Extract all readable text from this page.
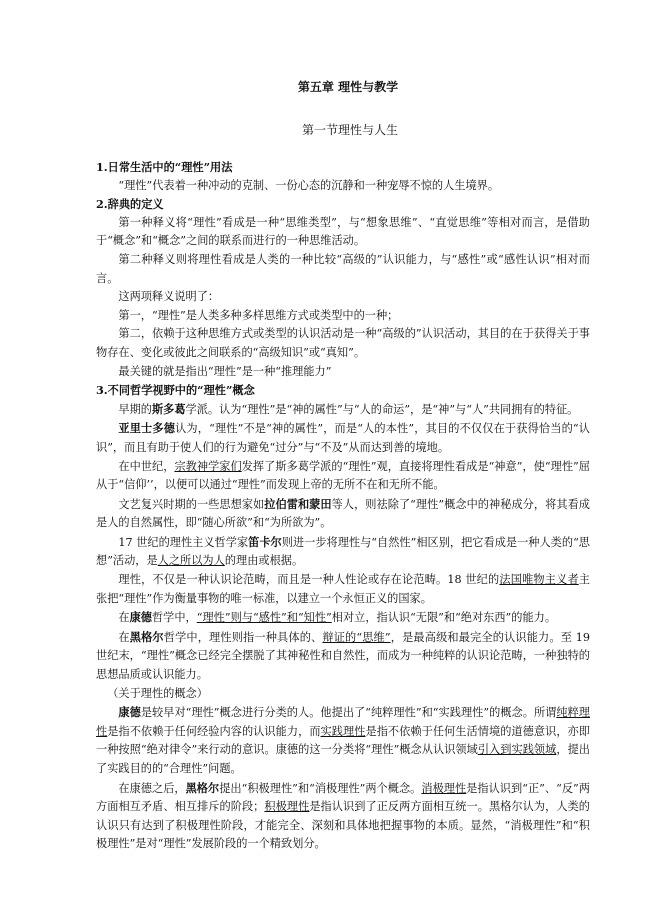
第五章 理性与教学
第一节理性与人生

1.日常生活中的“理性”用法

“理性”代表着一种冲动的克制、一份心态的沉静和一种宠辱不惊的人生境界。

2.辞典的定义

第一种释义将“理性”看成是一种“思维类型”，与“想象思维”、“直觉思维”等相对而言，是借助于“概念”和“概念”之间的联系而进行的一种思维活动。

第二种释义则将理性看成是人类的一种比较“高级的”认识能力，与“感性”或“感性认识”相对而言。

这两项释义说明了：

第一，“理性”是人类多种多样思维方式或类型中的一种；

第二，依赖于这种思维方式或类型的认识活动是一种“高级的”认识活动，其目的在于获得关于事物存在、变化或彼此之间联系的“高级知识”或“真知”。

最关键的就是指出“理性”是一种“推理能力”

3.不同哲学视野中的“理性”概念

早期的斯多葛学派。认为“理性”是“神的属性”与“人的命运”，是“神”与“人”共同拥有的特征。

亚里士多德认为，“理性”不是“神的属性”，而是“人的本性”，其目的不仅仅在于获得恰当的“认识”，而且有助于使人们的行为避免“过分”与“不及”从而达到善的境地。

在中世纪，宗教神学家们发挥了斯多葛学派的“理性”观，直接将理性看成是“神意”，使“理性”屈从于“信仰’’，以便可以通过“理性”而发现上帝的无所不在和无所不能。

文艺复兴时期的一些思想家如拉伯雷和蒙田等人，则祛除了“理性”概念中的神秘成分，将其看成是人的自然属性，即“随心所欲”和“为所欲为”。

17 世纪的理性主义哲学家笛卡尔则进一步将理性与“自然性”相区别，把它看成是一种人类的“思想”活动，是人之所以为人的理由或根据。

理性，不仅是一种认识论范畴，而且是一种人性论或存在论范畴。18 世纪的法国唯物主义者主张把“理性”作为衡量事物的唯一标准，以建立一个永恒正义的国家。

在康德哲学中，“理性”则与“感性”和“知性”相对立，指认识“无限”和“绝对东西”的能力。

在黑格尔哲学中，理性则指一种具体的、辩证的“思维”，是最高级和最完全的认识能力。至 19 世纪末，“理性”概念已经完全摆脱了其神秘性和自然性，而成为一种纯粹的认识论范畴，一种独特的思想品质或认识能力。

（关于理性的概念）

康德是较早对“理性”概念进行分类的人。他提出了“纯粹理性”和“实践理性”的概念。所谓纯粹理性是指不依赖于任何经验内容的认识能力，而实践理性是指不依赖于任何生活情境的道德意识，亦即一种按照“绝对律令”来行动的意识。康德的这一分类将“理性”概念从认识领域引入到实践领域，提出了实践目的的“合理性”问题。

在康德之后，黑格尔提出“积极理性”和“消极理性”两个概念。消极理性是指认识到“正”、“反”两方面相互矛盾、相互排斥的阶段；积极理性是指认识到了正反两方面相互统一。黑格尔认为，人类的认识只有达到了积极理性阶段，才能完全、深刻和具体地把握事物的本质。显然，“消极理性”和“积极理性”是对“理性”发展阶段的一个精致划分。
